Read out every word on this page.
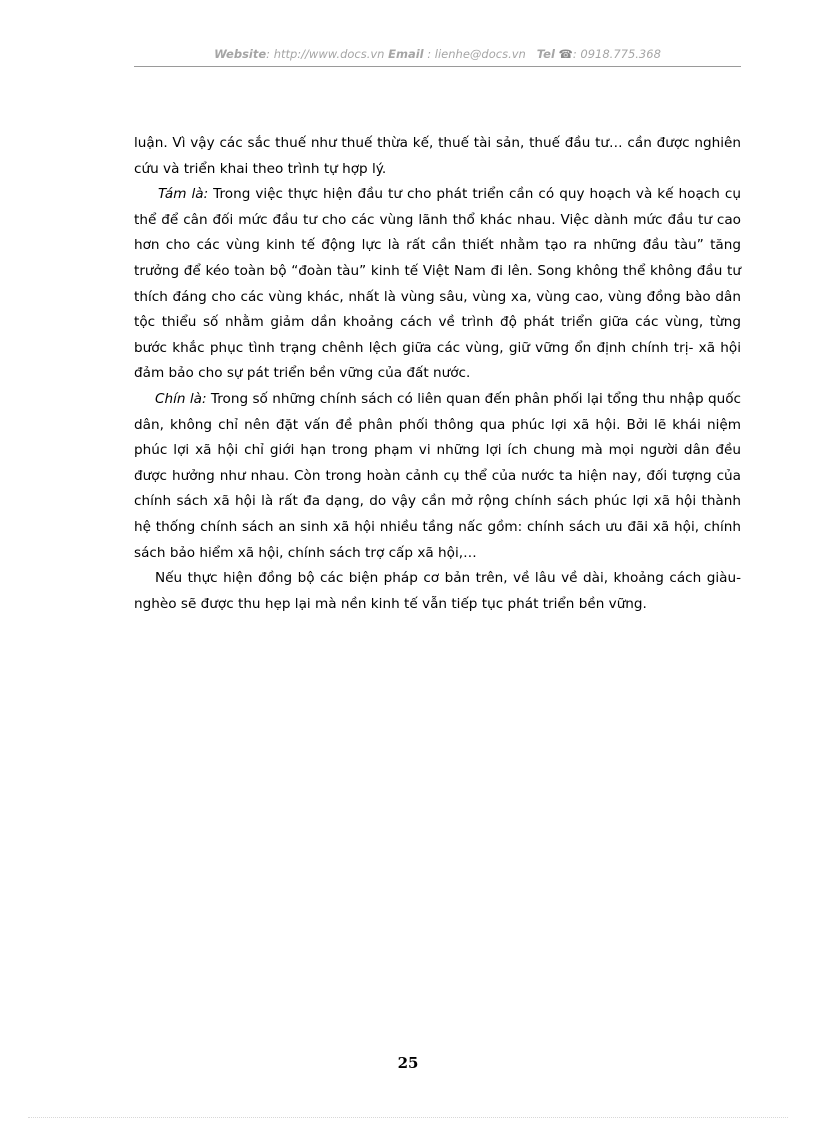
Website: http://www.docs.vn Email : lienhe@docs.vn Tel ☎: 0918.775.368

luận. Vì vậy các sắc thuế như thuế thừa kế, thuế tài sản, thuế đầu tư… cần được nghiên cứu và triển khai theo trình tự hợp lý.

Tám là: Trong việc thực hiện đầu tư cho phát triển cần có quy hoạch và kế hoạch cụ thể để cân đối mức đầu tư cho các vùng lãnh thổ khác nhau. Việc dành mức đầu tư cao hơn cho các vùng kinh tế động lực là rất cần thiết nhằm tạo ra những đầu tàu” tăng trưởng để kéo toàn bộ “đoàn tàu” kinh tế Việt Nam đi lên. Song không thể không đầu tư thích đáng cho các vùng khác, nhất là vùng sâu, vùng xa, vùng cao, vùng đồng bào dân tộc thiểu số nhằm giảm dần khoảng cách về trình độ phát triển giữa các vùng, từng bước khắc phục tình trạng chênh lệch giữa các vùng, giữ vững ổn định chính trị- xã hội đảm bảo cho sự pát triển bền vững của đất nước.

Chín là: Trong số những chính sách có liên quan đến phân phối lại tổng thu nhập quốc dân, không chỉ nên đặt vấn đề phân phối thông qua phúc lợi xã hội. Bởi lẽ khái niệm phúc lợi xã hội chỉ giới hạn trong phạm vi những lợi ích chung mà mọi người dân đều được hưởng như nhau. Còn trong hoàn cảnh cụ thể của nước ta hiện nay, đối tượng của chính sách xã hội là rất đa dạng, do vậy cần mở rộng chính sách phúc lợi xã hội thành hệ thống chính sách an sinh xã hội nhiều tầng nấc gồm: chính sách ưu đãi xã hội, chính sách bảo hiểm xã hội, chính sách trợ cấp xã hội,…

Nếu thực hiện đồng bộ các biện pháp cơ bản trên, về lâu về dài, khoảng cách giàu- nghèo sẽ được thu hẹp lại mà nền kinh tế vẫn tiếp tục phát triển bền vững.

25
